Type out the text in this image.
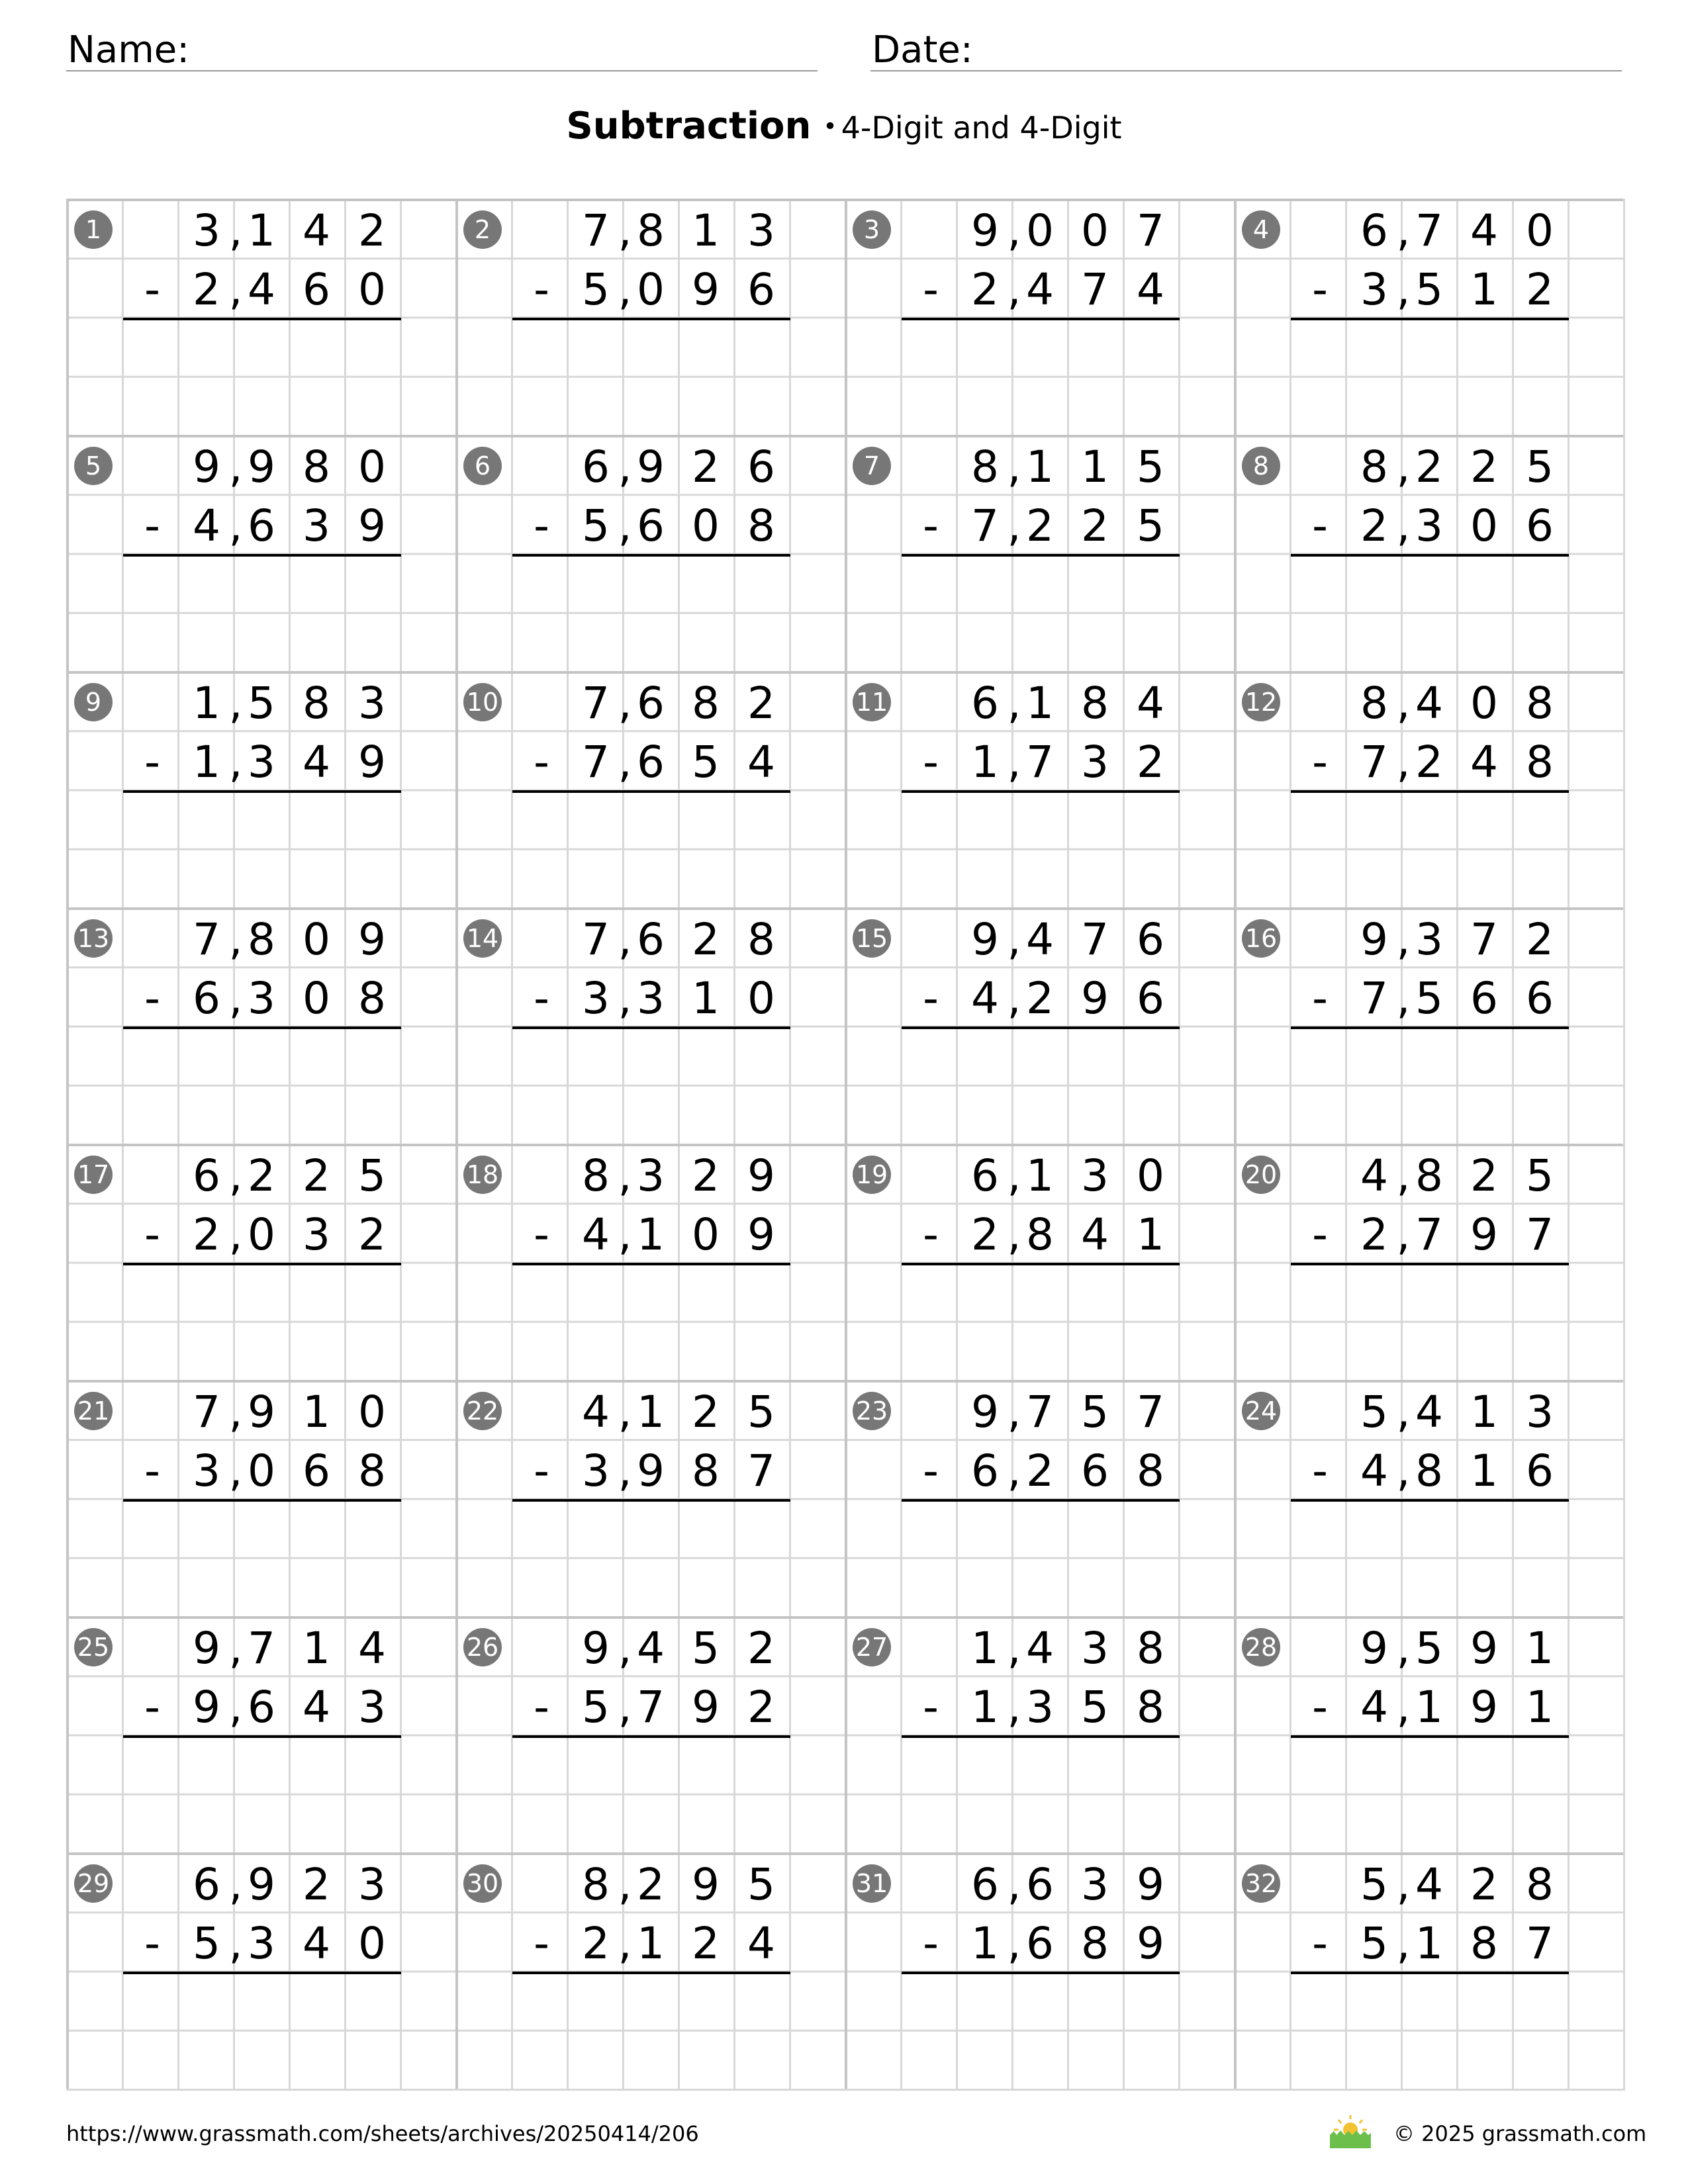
Name:	Date:
Subtraction • 4-Digit and 4-Digit
1 3 1 4 2
,
- 2 4 6 0
,
2 7 8 1 3
,
- 5 0 9 6
,
3 9 0 0 7
,
- 2 4 7 4
,
4 6 7 4 0
,
- 3 5 1 2
,
5 9 9 8 0
,
- 4 6 3 9
,
6 6 9 2 6
,
- 5 6 0 8
,
7 8 1 1 5
,
- 7 2 2 5
,
8 8 2 2 5
,
- 2 3 0 6
,
9 1 5 8 3
,
- 1 3 4 9
,
10 7 6 8 2
,
- 7 6 5 4
,
11 6 1 8 4
,
- 1 7 3 2
,
12 8 4 0 8
,
- 7 2 4 8
,
13 7 8 0 9
,
- 6 3 0 8
,
14 7 6 2 8
,
- 3 3 1 0
,
15 9 4 7 6
,
- 4 2 9 6
,
16 9 3 7 2
,
- 7 5 6 6
,
17 6 2 2 5
,
- 2 0 3 2
,
18 8 3 2 9
,
- 4 1 0 9
,
19 6 1 3 0
,
- 2 8 4 1
,
20 4 8 2 5
,
- 2 7 9 7
,
21 7 9 1 0
,
- 3 0 6 8
,
22 4 1 2 5
,
- 3 9 8 7
,
23 9 7 5 7
,
- 6 2 6 8
,
24 5 4 1 3
,
- 4 8 1 6
,
25 9 7 1 4
,
- 9 6 4 3
,
26 9 4 5 2
,
- 5 7 9 2
,
27 1 4 3 8
,
- 1 3 5 8
,
28 9 5 9 1
,
- 4 1 9 1
,
29 6 9 2 3
,
- 5 3 4 0
,
30 8 2 9 5
,
- 2 1 2 4
,
31 6 6 3 9
,
- 1 6 8 9
,
32 5 4 2 8
,
- 5 1 8 7
,
https://www.grassmath.com/sheets/archives/20250414/206	© 2025 grassmath.com
